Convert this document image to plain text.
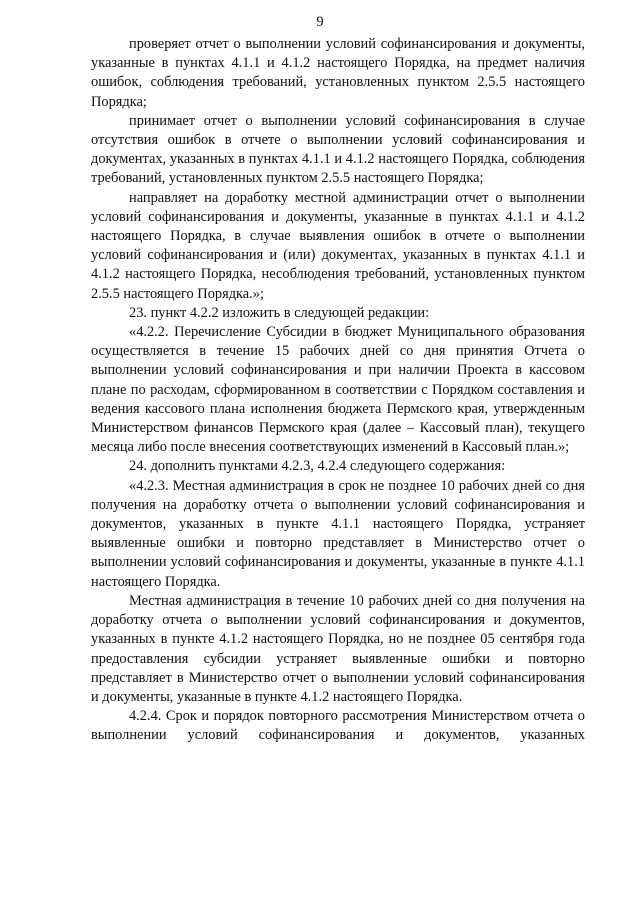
9

проверяет отчет о выполнении условий софинансирования и документы, указанные в пунктах 4.1.1 и 4.1.2 настоящего Порядка, на предмет наличия ошибок, соблюдения требований, установленных пунктом 2.5.5 настоящего Порядка;

принимает отчет о выполнении условий софинансирования в случае отсутствия ошибок в отчете о выполнении условий софинансирования и документах, указанных в пунктах 4.1.1 и 4.1.2 настоящего Порядка, соблюдения требований, установленных пунктом 2.5.5 настоящего Порядка;

направляет на доработку местной администрации отчет о выполнении условий софинансирования и документы, указанные в пунктах 4.1.1 и 4.1.2 настоящего Порядка, в случае выявления ошибок в отчете о выполнении условий софинансирования и (или) документах, указанных в пунктах 4.1.1 и 4.1.2 настоящего Порядка, несоблюдения требований, установленных пунктом 2.5.5 настоящего Порядка.»;

23. пункт 4.2.2 изложить в следующей редакции:

«4.2.2. Перечисление Субсидии в бюджет Муниципального образования осуществляется в течение 15 рабочих дней со дня принятия Отчета о выполнении условий софинансирования и при наличии Проекта в кассовом плане по расходам, сформированном в соответствии с Порядком составления и ведения кассового плана исполнения бюджета Пермского края, утвержденным Министерством финансов Пермского края (далее – Кассовый план), текущего месяца либо после внесения соответствующих изменений в Кассовый план.»;

24. дополнить пунктами 4.2.3, 4.2.4 следующего содержания:

«4.2.3. Местная администрация в срок не позднее 10 рабочих дней со дня получения на доработку отчета о выполнении условий софинансирования и документов, указанных в пункте 4.1.1 настоящего Порядка, устраняет выявленные ошибки и повторно представляет в Министерство отчет о выполнении условий софинансирования и документы, указанные в пункте 4.1.1 настоящего Порядка.

Местная администрация в течение 10 рабочих дней со дня получения на доработку отчета о выполнении условий софинансирования и документов, указанных в пункте 4.1.2 настоящего Порядка, но не позднее 05 сентября года предоставления субсидии устраняет выявленные ошибки и повторно представляет в Министерство отчет о выполнении условий софинансирования и документы, указанные в пункте 4.1.2 настоящего Порядка.

4.2.4. Срок и порядок повторного рассмотрения Министерством отчета о выполнении условий софинансирования и документов, указанных
